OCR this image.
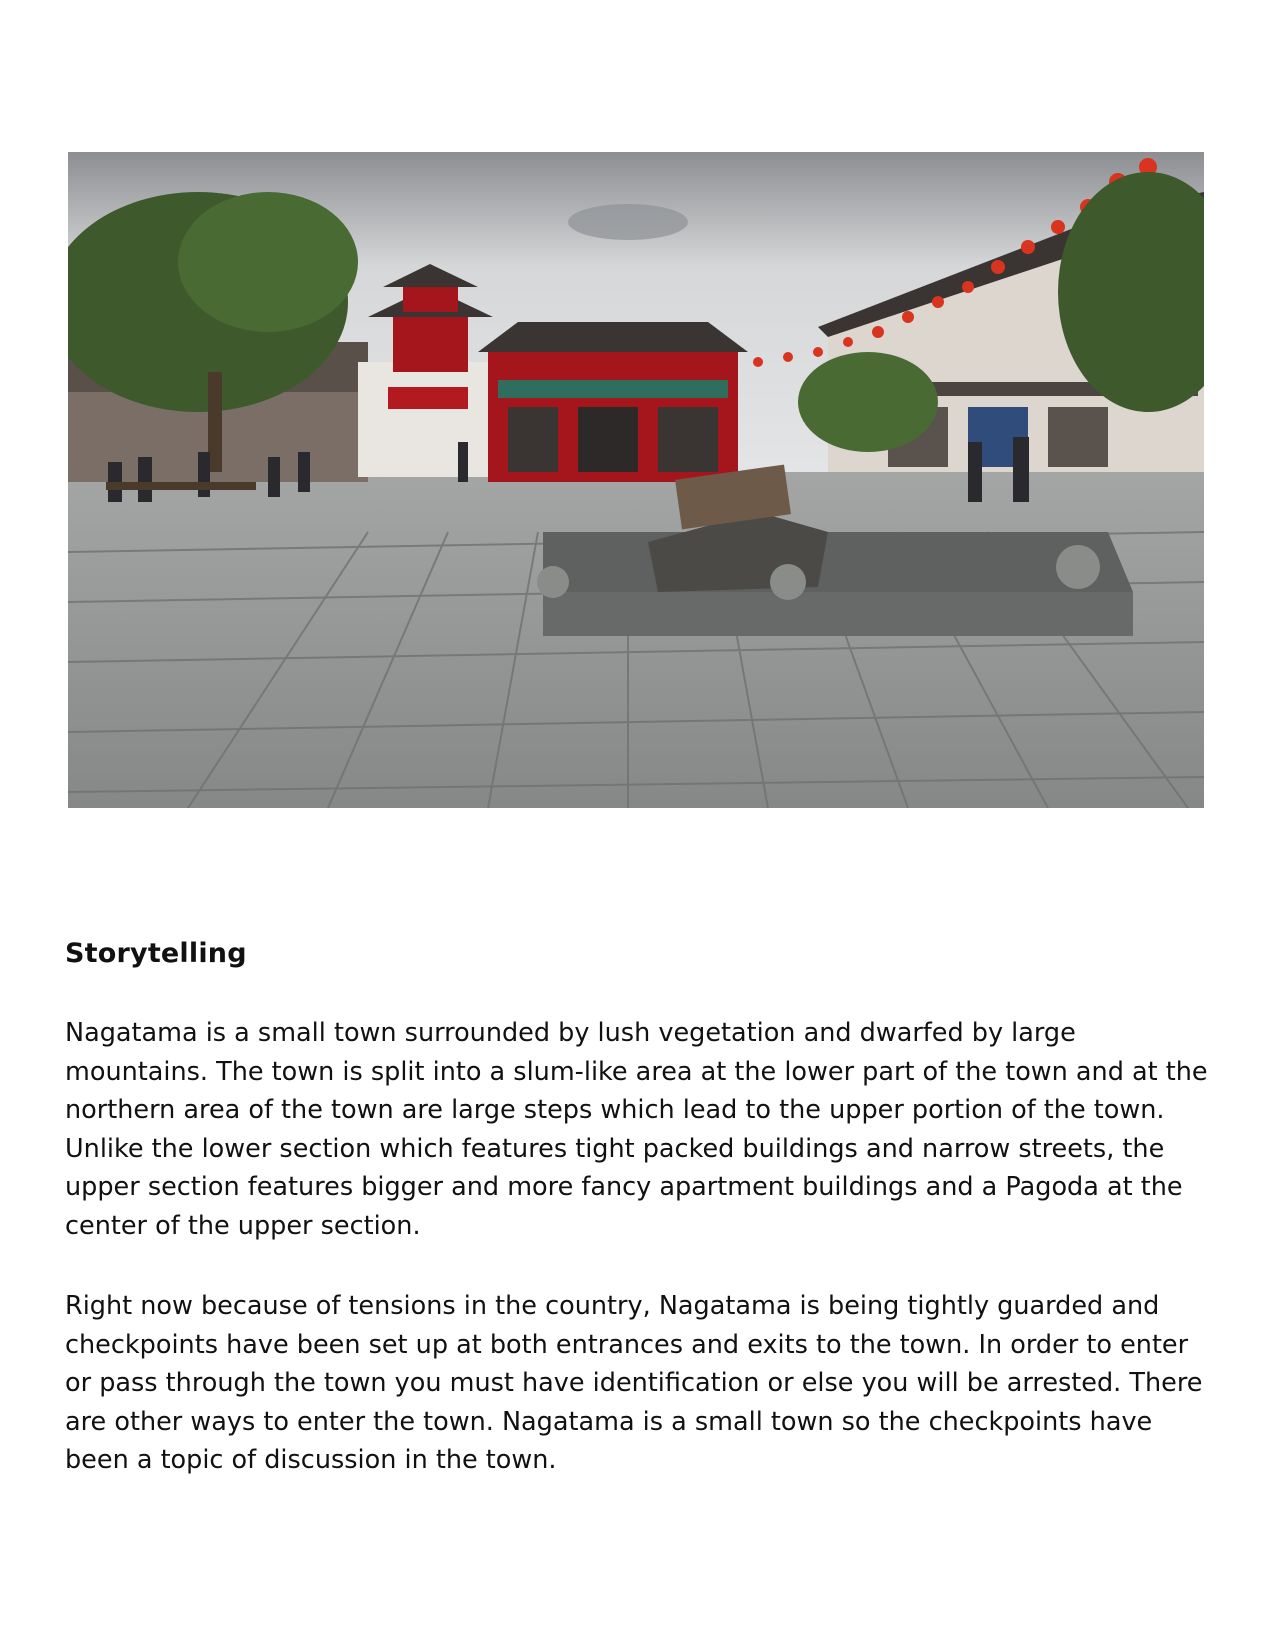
Storytelling

Nagatama is a small town surrounded by lush vegetation and dwarfed by large mountains. The town is split into a slum-like area at the lower part of the town and at the northern area of the town are large steps which lead to the upper portion of the town. Unlike the lower section which features tight packed buildings and narrow streets, the upper section features bigger and more fancy apartment buildings and a Pagoda at the center of the upper section.

Right now because of tensions in the country, Nagatama is being tightly guarded and checkpoints have been set up at both entrances and exits to the town. In order to enter or pass through the town you must have identification or else you will be arrested. There are other ways to enter the town. Nagatama is a small town so the checkpoints have been a topic of discussion in the town.
